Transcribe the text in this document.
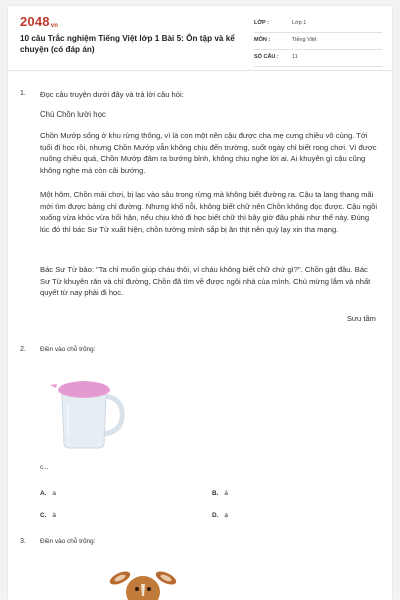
2048vn
10 câu Trắc nghiệm Tiếng Việt lớp 1 Bài 5: Ôn tập và kể chuyện (có đáp án)
LỚP :	Lớp 1
MÔN :	Tiếng Việt
SỐ CÂU : 11
1. Đọc câu truyện dưới đây và trả lời câu hỏi:
Chú Chồn lười học
Chồn Mướp sống ở khu rừng thông, vì là con một nên cậu được cha mẹ cưng chiều vô cùng. Tới tuổi đi học rồi, nhưng Chồn Mướp vẫn không chịu đến trường, suốt ngày chỉ biết rong chơi. Vì được nuông chiều quá, Chồn Mướp đâm ra bướng bỉnh, không chịu nghe lời ai. Ai khuyên gì cậu cũng không nghe mà còn cãi bướng.
Một hôm, Chồn mải chơi, bị lạc vào sâu trong rừng mà không biết đường ra. Cậu ta lang thang mãi mới tìm được bảng chỉ đường. Nhưng khổ nỗi, không biết chữ nên Chồn không đọc được. Cậu ngồi xuống vừa khóc vừa hối hận, nếu chịu khó đi học biết chữ thì bây giờ đâu phải như thế này. Đúng lúc đó thì bác Sư Tử xuất hiện, chồn tưởng mình sắp bị ăn thịt nên quỳ lạy xin tha mạng.
Bác Sư Tử bảo: "Ta chỉ muốn giúp cháu thôi, vì cháu không biết chữ chứ gì?". Chồn gật đầu. Bác Sư Tử khuyên răn và chỉ đường, Chồn đã tìm về được ngôi nhà của mình. Chú mừng lắm và nhất quyết từ nay phải đi học.
Sưu tầm
2. Điền vào chỗ trống:
c...
A. a	B. á
C. à	D. ạ
3. Điền vào chỗ trống:
